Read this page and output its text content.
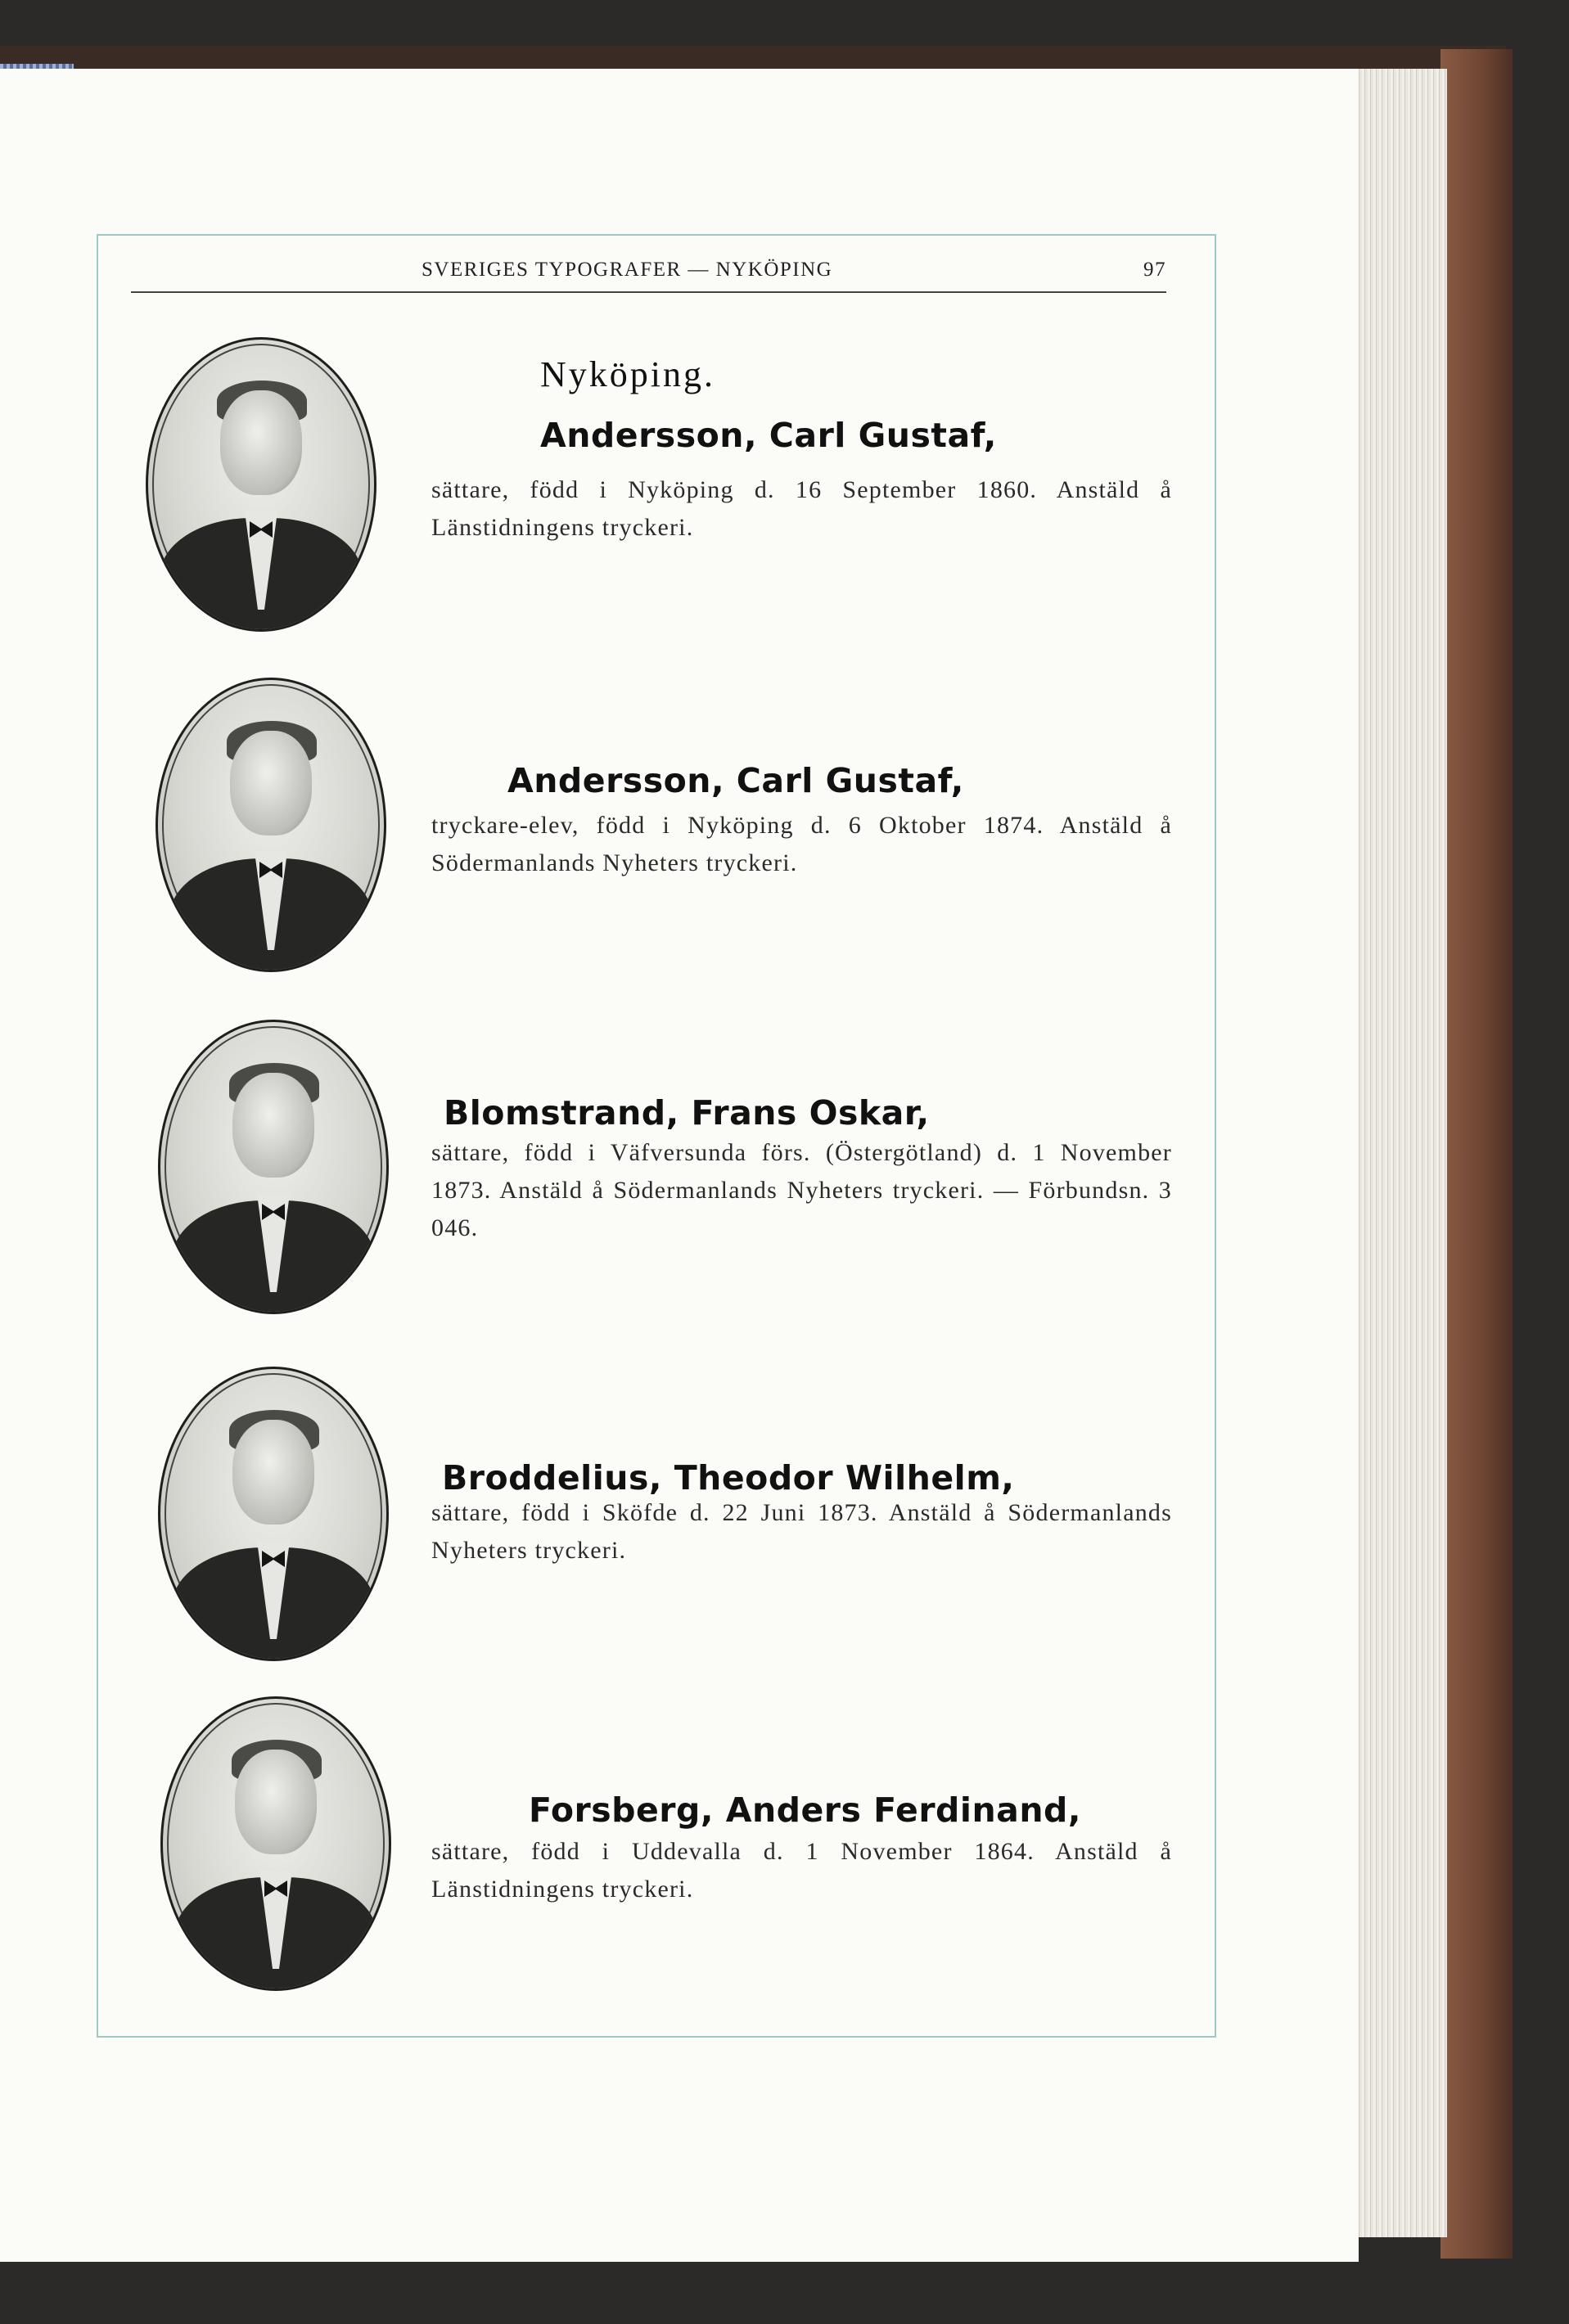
SVERIGES TYPOGRAFER — NYKÖPING	97
Nyköping.
Andersson, Carl Gustaf,
sättare, född i Nyköping d. 16 September 1860. Anstäld å Länstidningens tryckeri.
Andersson, Carl Gustaf,
tryckare-elev, född i Nyköping d. 6 Oktober 1874. Anstäld å Södermanlands Nyheters tryckeri.
Blomstrand, Frans Oskar,
sättare, född i Väfversunda förs. (Östergötland) d. 1 November 1873. Anstäld å Södermanlands Nyheters tryckeri. — Förbundsn. 3 046.
Broddelius, Theodor Wilhelm,
sättare, född i Sköfde d. 22 Juni 1873. Anstäld å Södermanlands Nyheters tryckeri.
Forsberg, Anders Ferdinand,
sättare, född i Uddevalla d. 1 November 1864. Anstäld å Länstidningens tryckeri.
